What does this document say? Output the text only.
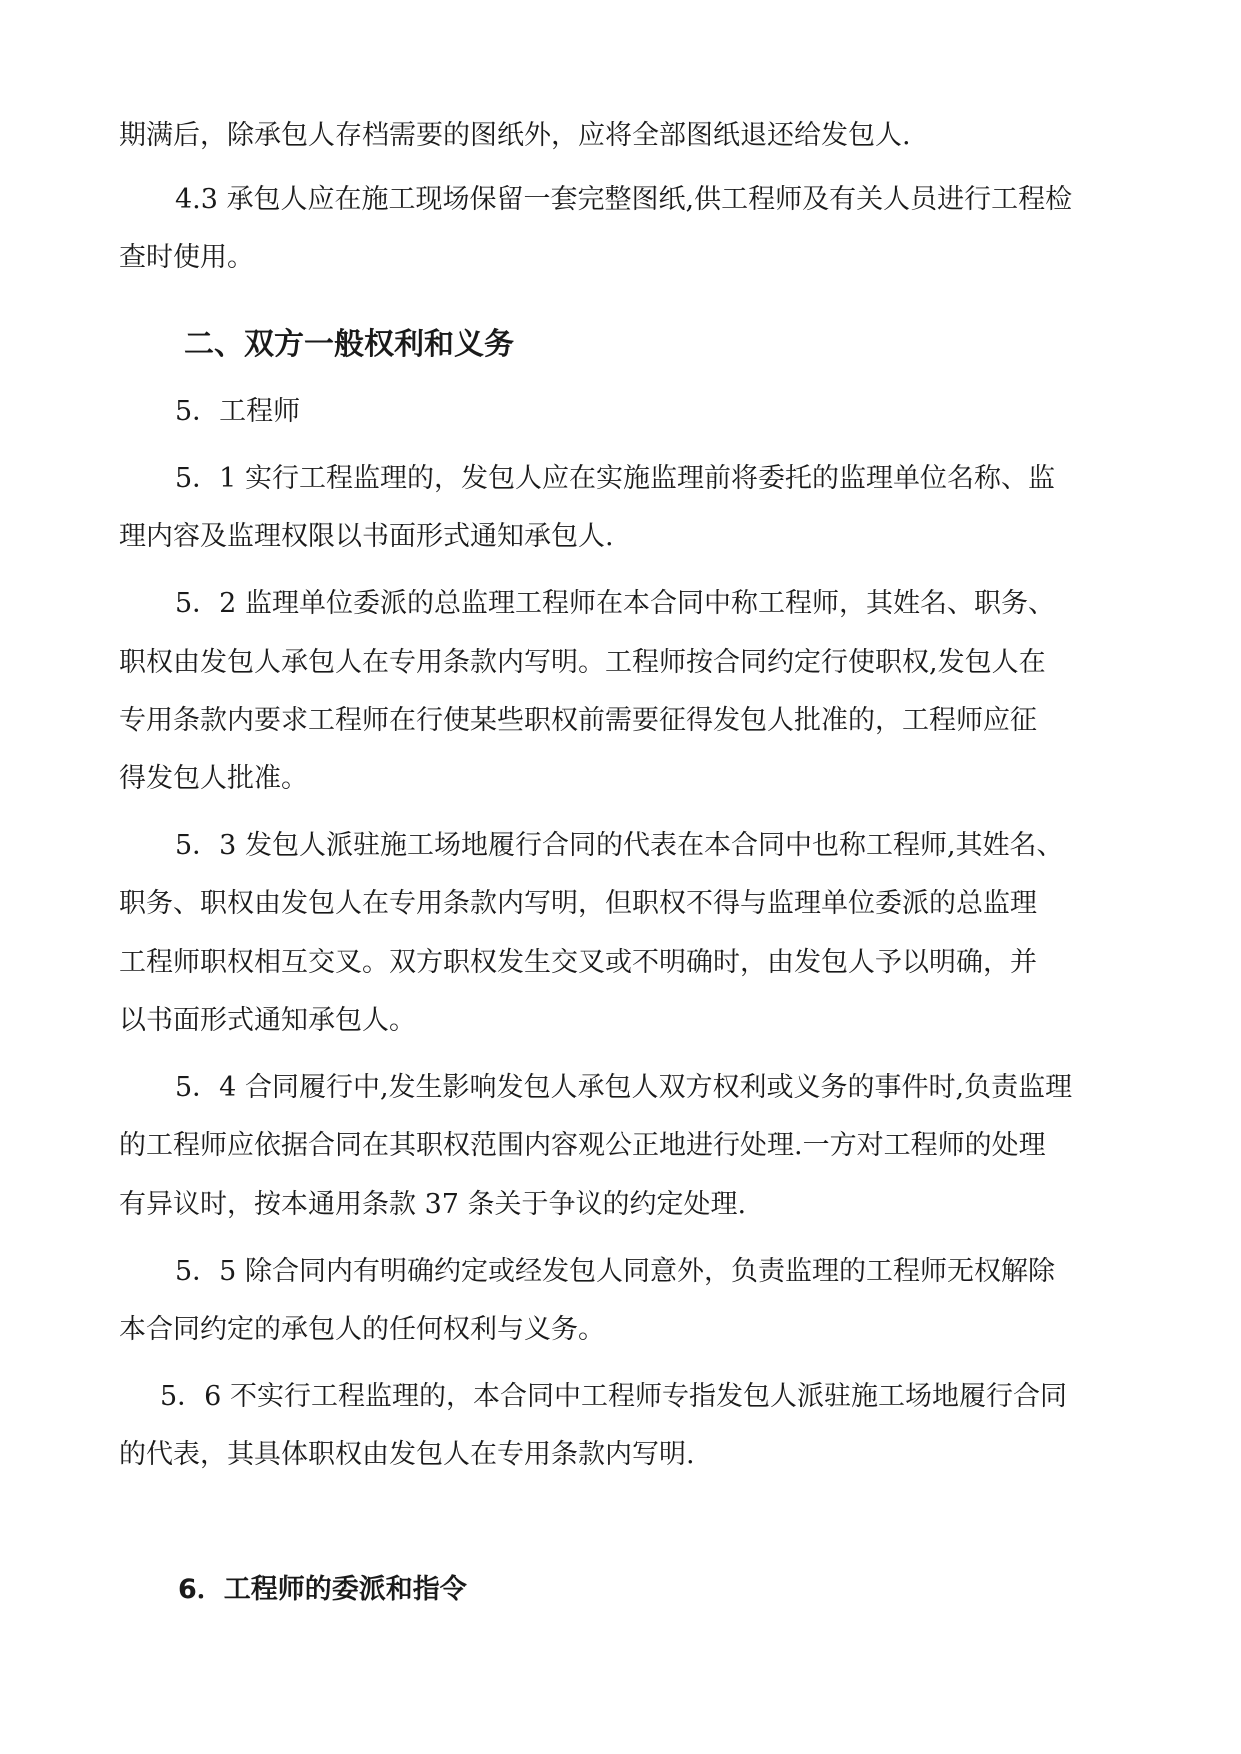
期满后，除承包人存档需要的图纸外，应将全部图纸退还给发包人.
4.3 承包人应在施工现场保留一套完整图纸,供工程师及有关人员进行工程检
查时使用。
二、双方一般权利和义务
5．工程师
5．1 实行工程监理的，发包人应在实施监理前将委托的监理单位名称、监
理内容及监理权限以书面形式通知承包人.
5．2 监理单位委派的总监理工程师在本合同中称工程师，其姓名、职务、
职权由发包人承包人在专用条款内写明。工程师按合同约定行使职权,发包人在
专用条款内要求工程师在行使某些职权前需要征得发包人批准的，工程师应征
得发包人批准。
5．3 发包人派驻施工场地履行合同的代表在本合同中也称工程师,其姓名、
职务、职权由发包人在专用条款内写明，但职权不得与监理单位委派的总监理
工程师职权相互交叉。双方职权发生交叉或不明确时，由发包人予以明确，并
以书面形式通知承包人。
5．4 合同履行中,发生影响发包人承包人双方权利或义务的事件时,负责监理
的工程师应依据合同在其职权范围内容观公正地进行处理.一方对工程师的处理
有异议时，按本通用条款 37 条关于争议的约定处理.
5．5 除合同内有明确约定或经发包人同意外，负责监理的工程师无权解除
本合同约定的承包人的任何权利与义务。
5．6 不实行工程监理的，本合同中工程师专指发包人派驻施工场地履行合同
的代表，其具体职权由发包人在专用条款内写明.
6．工程师的委派和指令
